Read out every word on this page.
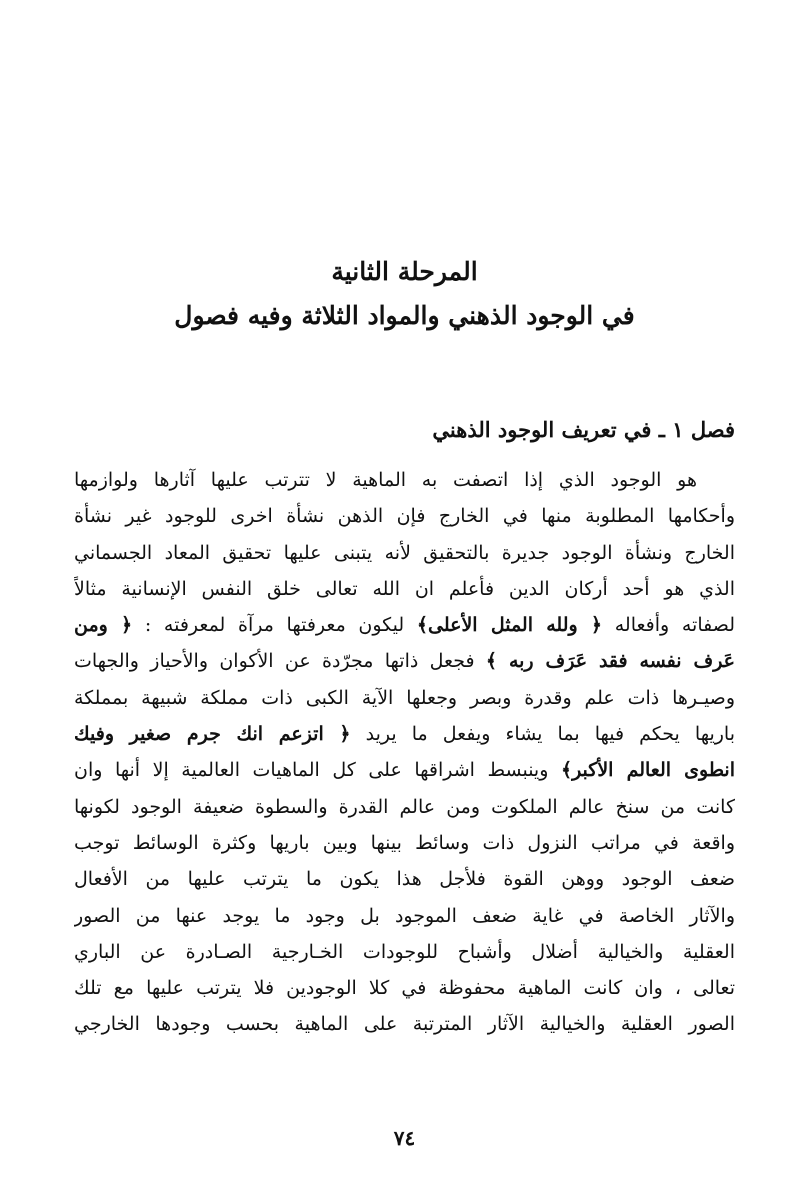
المرحلة الثانية
في الوجود الذهني والمواد الثلاثة وفيه فصول
فصل ١ ـ في تعريف الوجود الذهني
هو الوجود الذي إذا اتصفت به الماهية لا تترتب عليها آثارها ولوازمها
وأحكامها المطلوبة منها في الخارج فإن الذهن نشأة اخرى للوجود غير نشأة
الخارج ونشأة الوجود جديرة بالتحقيق لأنه يتبنى عليها تحقيق المعاد الجسماني
الذي هو أحد أركان الدين فأعلم ان الله تعالى خلق النفس الإنسانية مثالاً
لصفاته وأفعاله ﴿ ولله المثل الأعلى﴾ ليكون معرفتها مرآة لمعرفته : ﴿ ومن
عَرف نفسه فقد عَرَف ربه ﴾ فجعل ذاتها مجرّدة عن الأكوان والأحياز والجهات
وصيـرها ذات علم وقدرة وبصر وجعلها الآية الكبى ذات مملكة شبيهة بمملكة
باريها يحكم فيها بما يشاء ويفعل ما يريد ﴿ اتزعم انك جرم صغير وفيك
انطوى العالم الأكبر﴾ وينبسط اشراقها على كل الماهيات العالمية إلا أنها وان
كانت من سنخ عالم الملكوت ومن عالم القدرة والسطوة ضعيفة الوجود لكونها
واقعة في مراتب النزول ذات وسائط بينها وبين باريها وكثرة الوسائط توجب
ضعف الوجود ووهن القوة فلأجل هذا يكون ما يترتب عليها من الأفعال
والآثار الخاصة في غاية ضعف الموجود بل وجود ما يوجد عنها من الصور
العقلية والخيالية أضلال وأشباح للوجودات الخـارجية الصـادرة عن الباري
تعالى ، وان كانت الماهية محفوظة في كلا الوجودين فلا يترتب عليها مع تلك
الصور العقلية والخيالية الآثار المترتبة على الماهية بحسب وجودها الخارجي
٧٤
